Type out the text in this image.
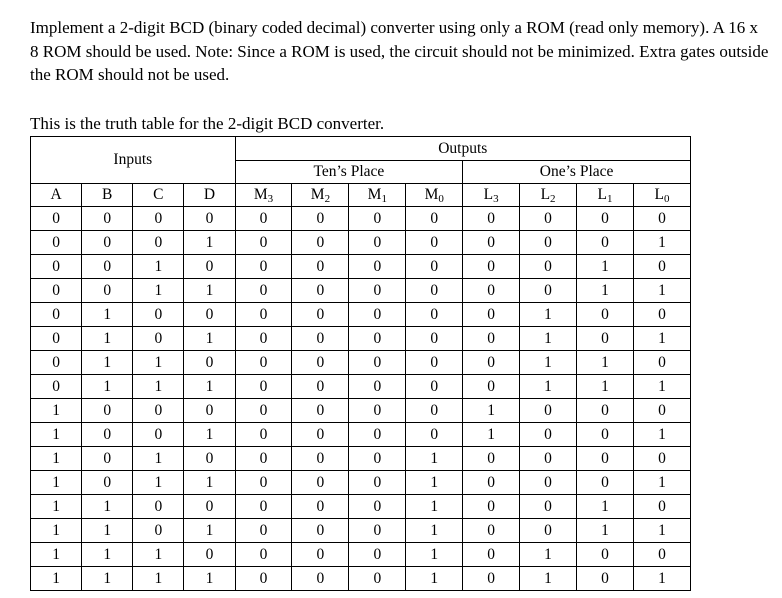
Implement a 2-digit BCD (binary coded decimal) converter using only a ROM (read only memory). A 16 x 8 ROM should be used. Note: Since a ROM is used, the circuit should not be minimized. Extra gates outside the ROM should not be used.

This is the truth table for the 2-digit BCD converter.

Inputs				Outputs							
				Ten’s Place				One’s Place			
A	B	C	D	$M_3$	$M_2$	$M_1$	$M_0$	$L_3$	$L_2$	$L_1$	$L_0$
0	0	0	0	0	0	0	0	0	0	0	0
0	0	0	1	0	0	0	0	0	0	0	1
0	0	1	0	0	0	0	0	0	0	1	0
0	0	1	1	0	0	0	0	0	0	1	1
0	1	0	0	0	0	0	0	0	1	0	0
0	1	0	1	0	0	0	0	0	1	0	1
0	1	1	0	0	0	0	0	0	1	1	0
0	1	1	1	0	0	0	0	0	1	1	1
1	0	0	0	0	0	0	0	1	0	0	0
1	0	0	1	0	0	0	0	1	0	0	1
1	0	1	0	0	0	0	1	0	0	0	0
1	0	1	1	0	0	0	1	0	0	0	1
1	1	0	0	0	0	0	1	0	0	1	0
1	1	0	1	0	0	0	1	0	0	1	1
1	1	1	0	0	0	0	1	0	1	0	0
1	1	1	1	0	0	0	1	0	1	0	1
